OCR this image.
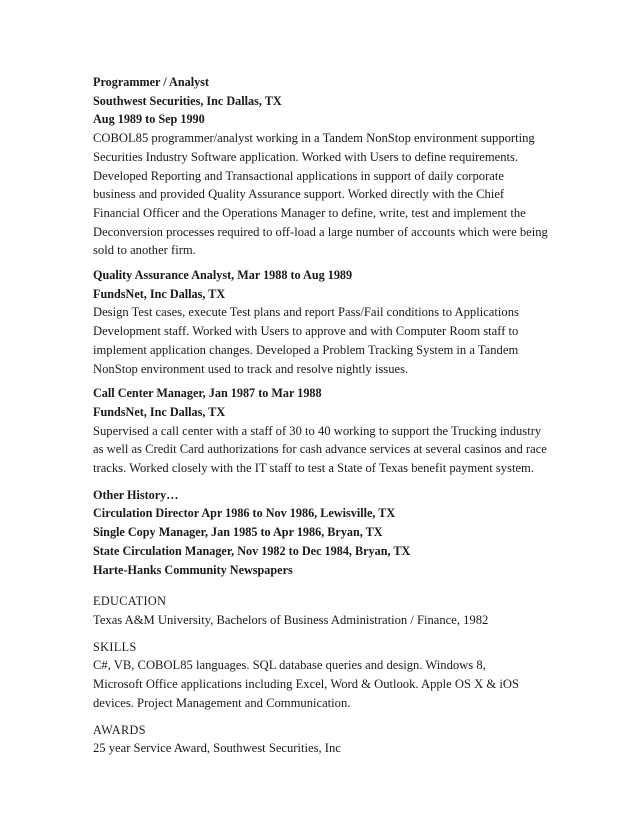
Programmer / Analyst
Southwest Securities, Inc Dallas, TX
Aug 1989 to Sep 1990
COBOL85 programmer/analyst working in a Tandem NonStop environment supporting
Securities Industry Software application. Worked with Users to define requirements.
Developed Reporting and Transactional applications in support of daily corporate
business and provided Quality Assurance support. Worked directly with the Chief
Financial Officer and the Operations Manager to define, write, test and implement the
Deconversion processes required to off-load a large number of accounts which were being
sold to another firm.
Quality Assurance Analyst, Mar 1988 to Aug 1989
FundsNet, Inc Dallas, TX
Design Test cases, execute Test plans and report Pass/Fail conditions to Applications
Development staff. Worked with Users to approve and with Computer Room staff to
implement application changes. Developed a Problem Tracking System in a Tandem
NonStop environment used to track and resolve nightly issues.
Call Center Manager, Jan 1987 to Mar 1988
FundsNet, Inc Dallas, TX
Supervised a call center with a staff of 30 to 40 working to support the Trucking industry
as well as Credit Card authorizations for cash advance services at several casinos and race
tracks. Worked closely with the IT staff to test a State of Texas benefit payment system.
Other History…
Circulation Director Apr 1986 to Nov 1986, Lewisville, TX
Single Copy Manager, Jan 1985 to Apr 1986, Bryan, TX
State Circulation Manager, Nov 1982 to Dec 1984, Bryan, TX
Harte-Hanks Community Newspapers
EDUCATION
Texas A&M University, Bachelors of Business Administration / Finance, 1982
SKILLS
C#, VB, COBOL85 languages. SQL database queries and design. Windows 8,
Microsoft Office applications including Excel, Word & Outlook. Apple OS X & iOS
devices. Project Management and Communication.
AWARDS
25 year Service Award, Southwest Securities, Inc
